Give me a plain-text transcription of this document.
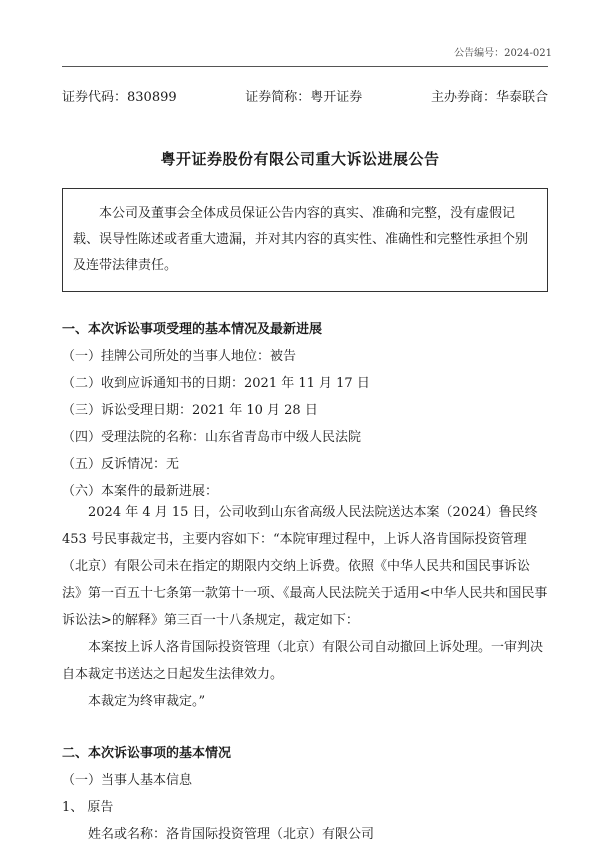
公告编号：2024-021
证券代码：830899	证券简称：粤开证券	主办券商：华泰联合
粤开证券股份有限公司重大诉讼进展公告

本公司及董事会全体成员保证公告内容的真实、准确和完整，没有虚假记载、误导性陈述或者重大遗漏，并对其内容的真实性、准确性和完整性承担个别及连带法律责任。

一、本次诉讼事项受理的基本情况及最新进展
（一）挂牌公司所处的当事人地位：被告
（二）收到应诉通知书的日期：2021 年 11 月 17 日
（三）诉讼受理日期：2021 年 10 月 28 日
（四）受理法院的名称：山东省青岛市中级人民法院
（五）反诉情况：无
（六）本案件的最新进展：

2024 年 4 月 15 日，公司收到山东省高级人民法院送达本案（2024）鲁民终 453 号民事裁定书，主要内容如下：“本院审理过程中，上诉人洛肯国际投资管理（北京）有限公司未在指定的期限内交纳上诉费。依照《中华人民共和国民事诉讼法》第一百五十七条第一款第十一项、《最高人民法院关于适用<中华人民共和国民事诉讼法>的解释》第三百一十八条规定，裁定如下：

本案按上诉人洛肯国际投资管理（北京）有限公司自动撤回上诉处理。一审判决自本裁定书送达之日起发生法律效力。

本裁定为终审裁定。”

二、本次诉讼事项的基本情况
（一）当事人基本信息
1、 原告
姓名或名称：洛肯国际投资管理（北京）有限公司
